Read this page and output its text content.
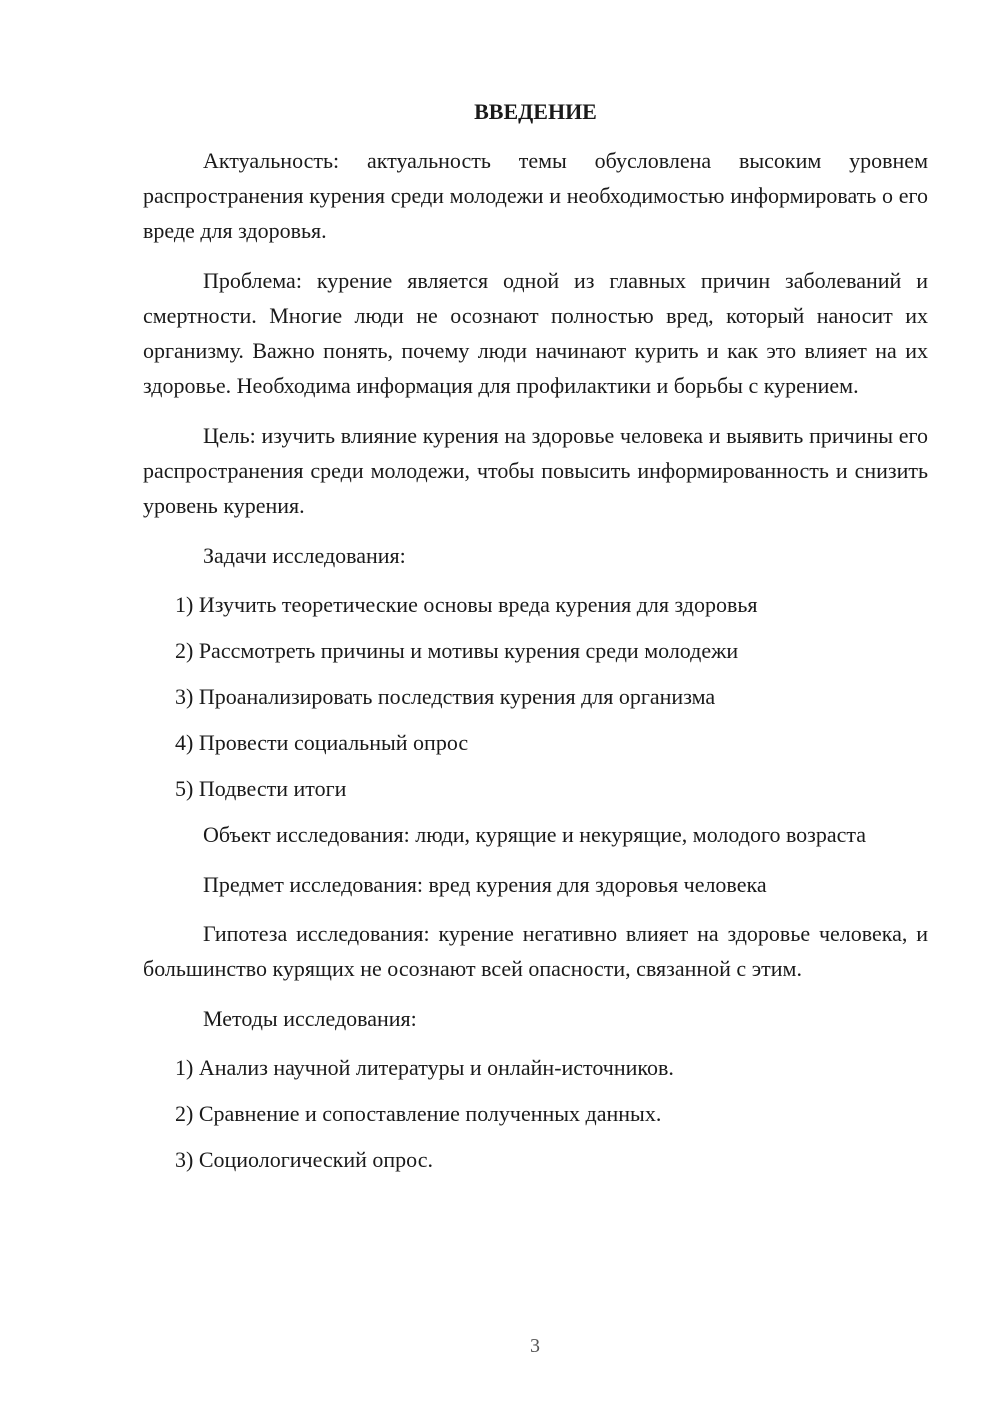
ВВЕДЕНИЕ

Актуальность: актуальность темы обусловлена высоким уровнем распространения курения среди молодежи и необходимостью информировать о его вреде для здоровья.

Проблема: курение является одной из главных причин заболеваний и смертности. Многие люди не осознают полностью вред, который наносит их организму. Важно понять, почему люди начинают курить и как это влияет на их здоровье. Необходима информация для профилактики и борьбы с курением.

Цель: изучить влияние курения на здоровье человека и выявить причины его распространения среди молодежи, чтобы повысить информированность и снизить уровень курения.

Задачи исследования:

1) Изучить теоретические основы вреда курения для здоровья
2) Рассмотреть причины и мотивы курения среди молодежи
3) Проанализировать последствия курения для организма
4) Провести социальный опрос
5) Подвести итоги

Объект исследования: люди, курящие и некурящие, молодого возраста

Предмет исследования: вред курения для здоровья человека

Гипотеза исследования: курение негативно влияет на здоровье человека, и большинство курящих не осознают всей опасности, связанной с этим.

Методы исследования:

1) Анализ научной литературы и онлайн-источников.
2) Сравнение и сопоставление полученных данных.
3) Социологический опрос.
3
